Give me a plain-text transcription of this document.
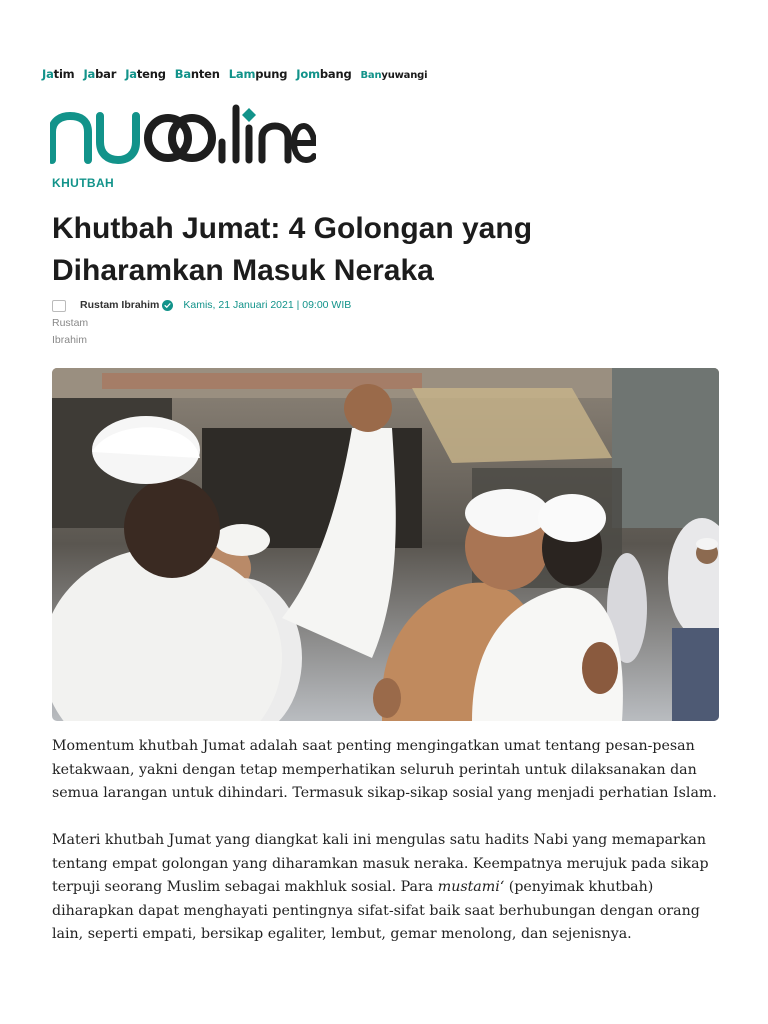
Jatim Jabar Jateng Banten Lampung Jombang Banyuwangi
KHUTBAH
Khutbah Jumat: 4 Golongan yang Diharamkan Masuk Neraka
Rustam
Ibrahim
Rustam Ibrahim Kamis, 21 Januari 2021 | 09:00 WIB

Momentum khutbah Jumat adalah saat penting mengingatkan umat tentang pesan-pesan ketakwaan, yakni dengan tetap memperhatikan seluruh perintah untuk dilaksanakan dan semua larangan untuk dihindari. Termasuk sikap-sikap sosial yang menjadi perhatian Islam.

Materi khutbah Jumat yang diangkat kali ini mengulas satu hadits Nabi yang memaparkan tentang empat golongan yang diharamkan masuk neraka. Keempatnya merujuk pada sikap terpuji seorang Muslim sebagai makhluk sosial. Para mustami‘ (penyimak khutbah) diharapkan dapat menghayati pentingnya sifat-sifat baik saat berhubungan dengan orang lain, seperti empati, bersikap egaliter, lembut, gemar menolong, dan sejenisnya.
